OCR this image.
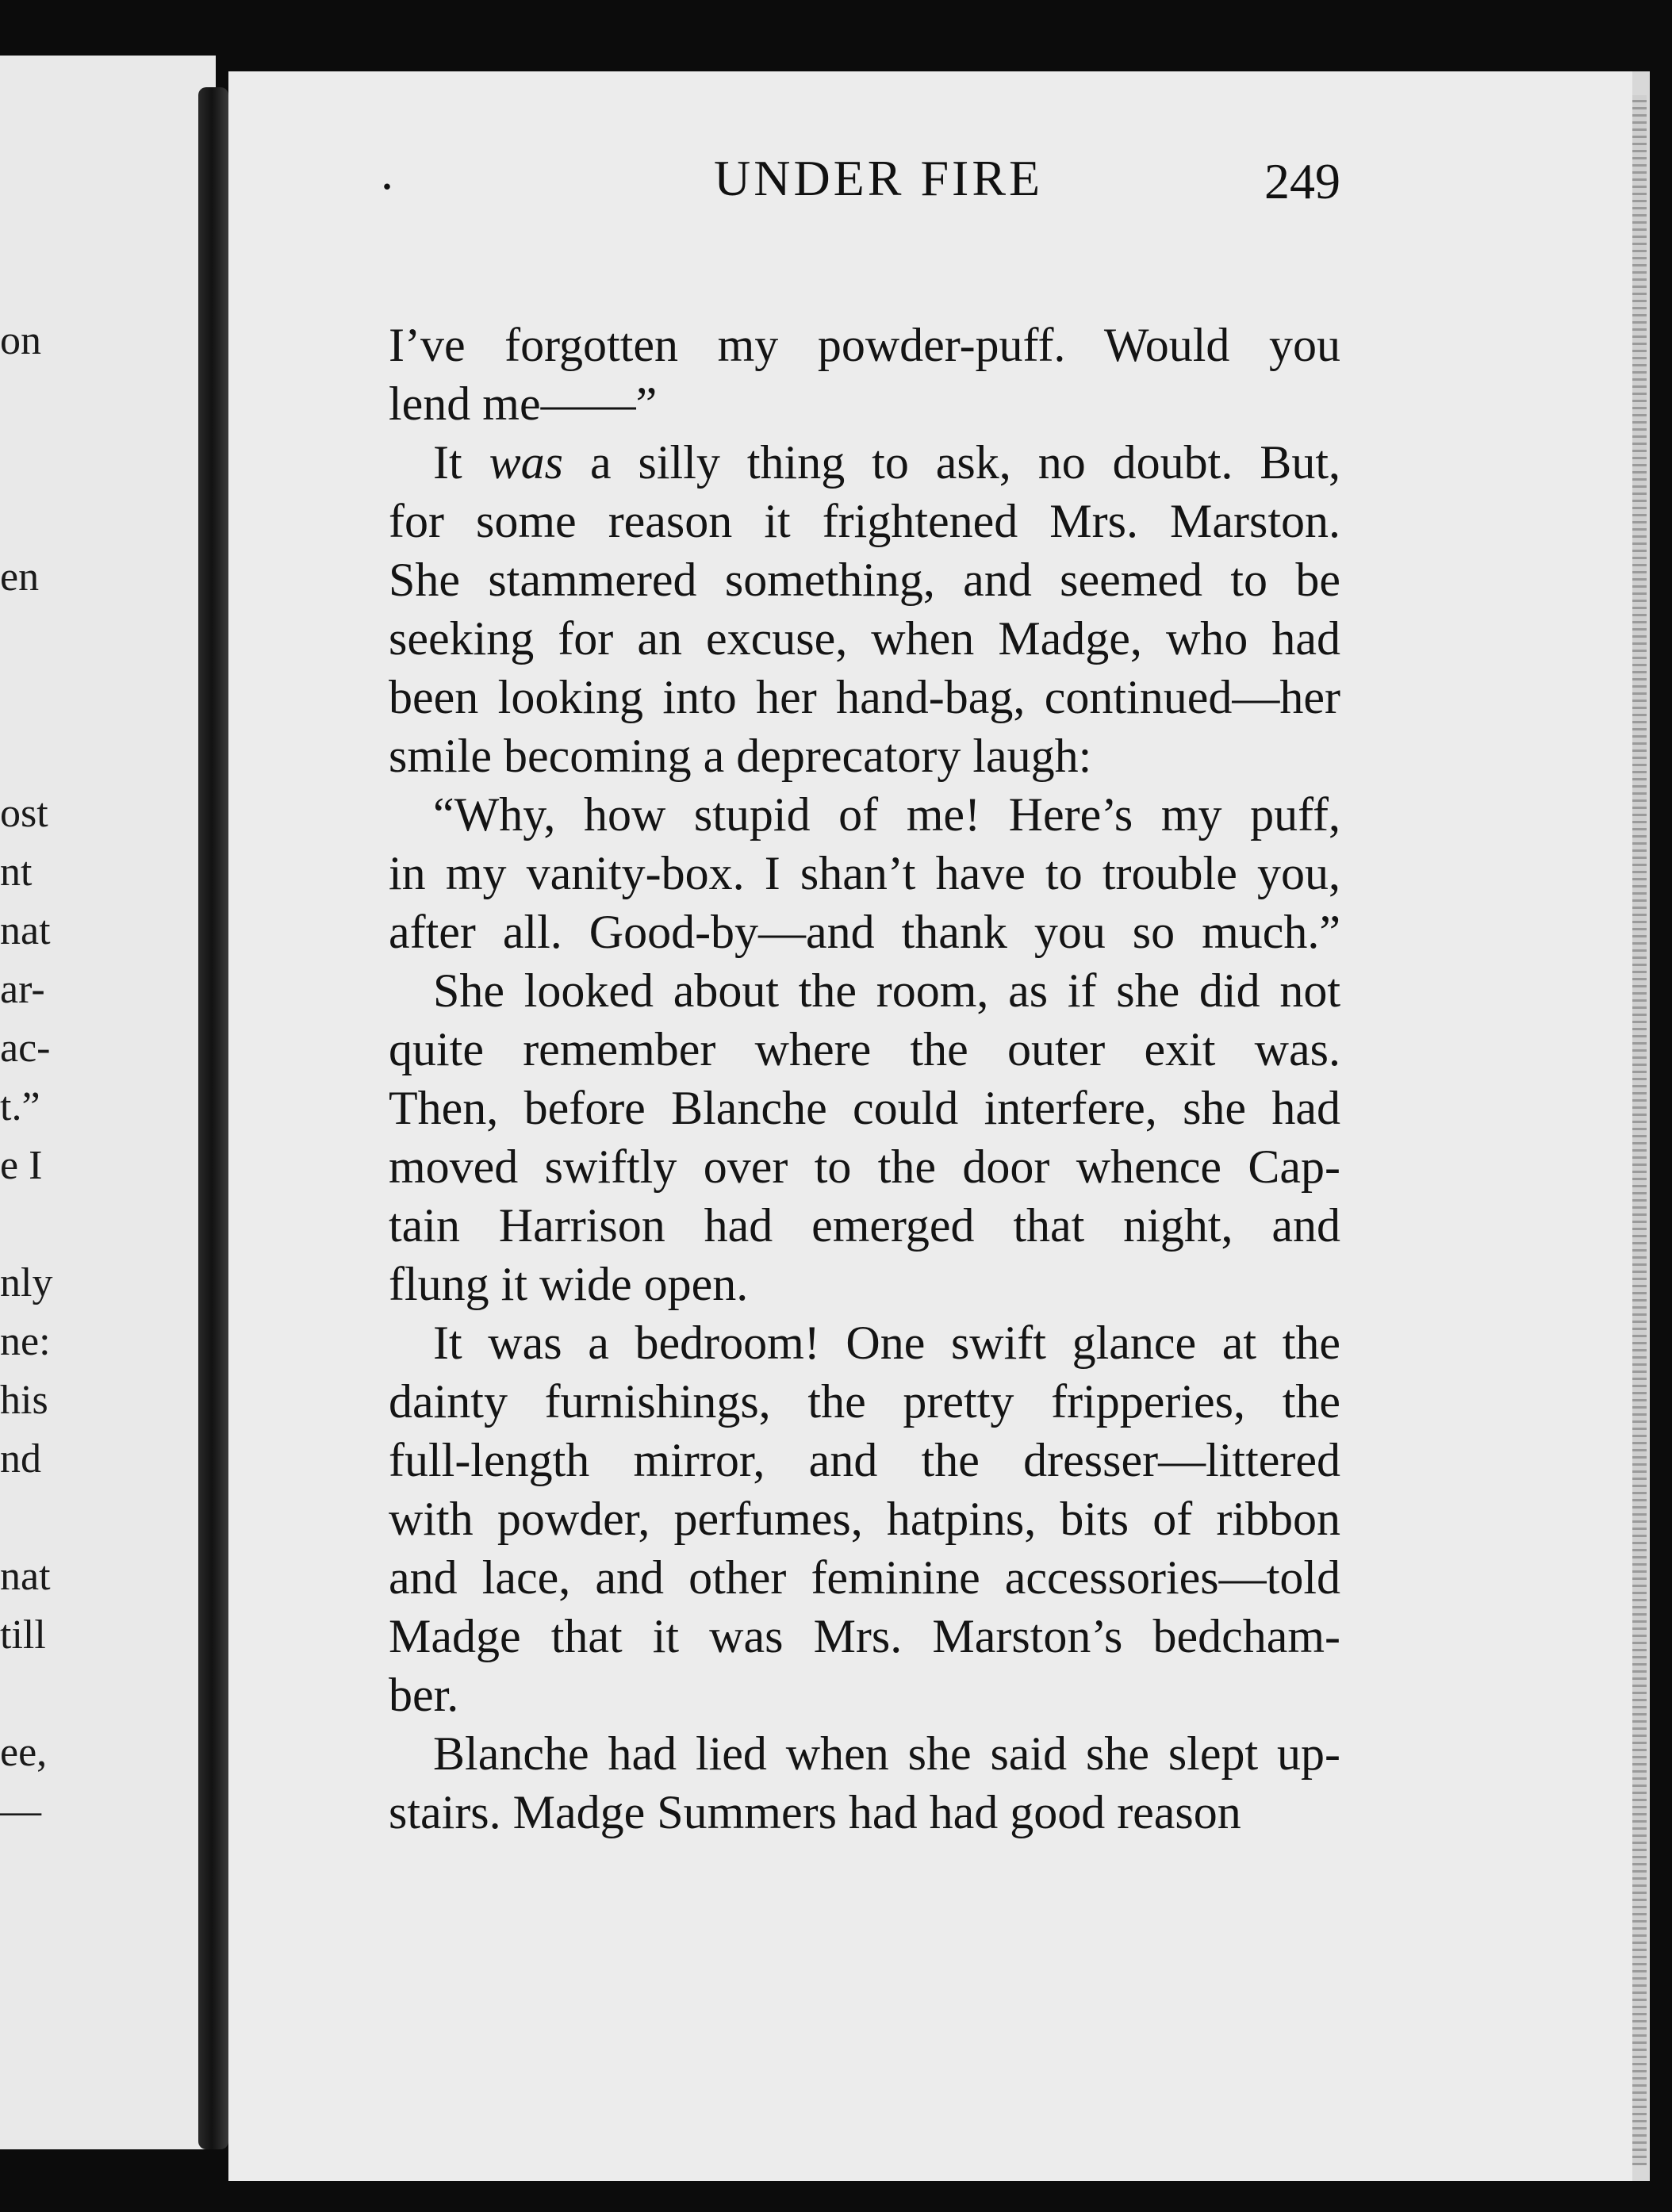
on
en
ost
nt
nat
ar-
ac-
t.”
e I
nly
ne:
his
nd
nat
till
ee,
—
.	UNDER FIRE	249
I’ve forgotten my powder-puff. Would you
lend me——”
It was a silly thing to ask, no doubt. But,
for some reason it frightened Mrs. Marston.
She stammered something, and seemed to be
seeking for an excuse, when Madge, who had
been looking into her hand-bag, continued—her
smile becoming a deprecatory laugh:
“Why, how stupid of me! Here’s my puff,
in my vanity-box. I shan’t have to trouble you,
after all. Good-by—and thank you so much.”
She looked about the room, as if she did not
quite remember where the outer exit was.
Then, before Blanche could interfere, she had
moved swiftly over to the door whence Cap-
tain Harrison had emerged that night, and
flung it wide open.
It was a bedroom! One swift glance at the
dainty furnishings, the pretty fripperies, the
full-length mirror, and the dresser—littered
with powder, perfumes, hatpins, bits of ribbon
and lace, and other feminine accessories—told
Madge that it was Mrs. Marston’s bedcham-
ber.
Blanche had lied when she said she slept up-
stairs. Madge Summers had had good reason
